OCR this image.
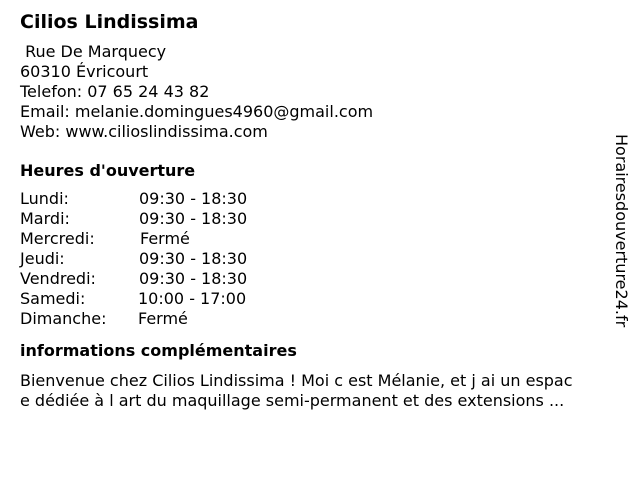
Cilios Lindissima
Rue De Marquecy
60310 Évricourt
Telefon: 07 65 24 43 82
Email: melanie.domingues4960@gmail.com
Web: www.cilioslindissima.com
Heures d'ouverture
Lundi:	09:30 - 18:30
Mardi:	09:30 - 18:30
Mercredi:	Fermé
Jeudi:	09:30 - 18:30
Vendredi:	09:30 - 18:30
Samedi:	10:00 - 17:00
Dimanche: Fermé
informations complémentaires
Bienvenue chez Cilios Lindissima ! Moi c est Mélanie, et j ai un espac
e dédiée à l art du maquillage semi-permanent et des extensions ...
Horairesdouverture24.fr
